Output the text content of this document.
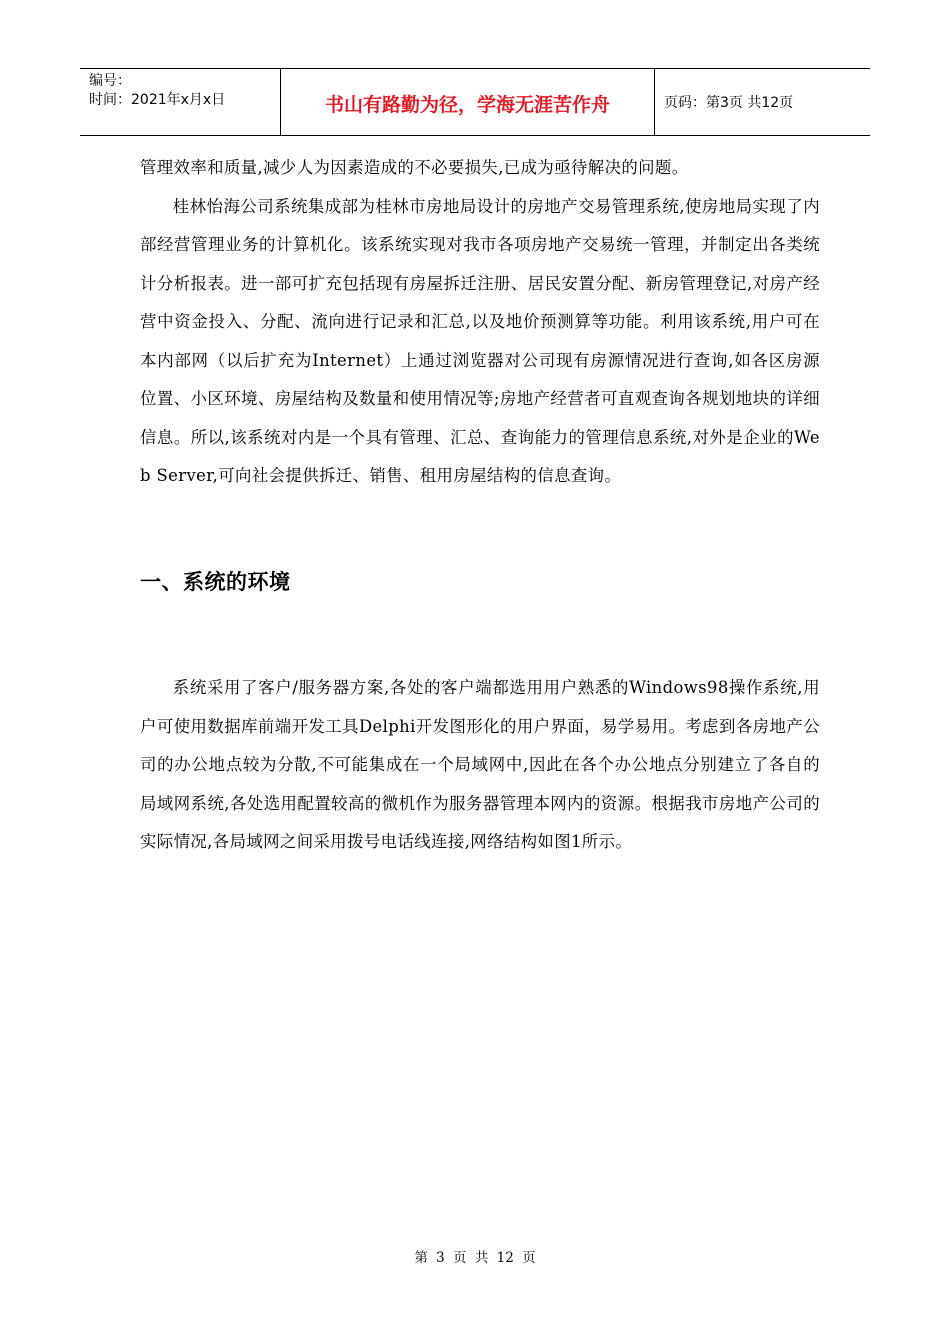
编号：
时间：2021年x月x日	书山有路勤为径，学海无涯苦作舟	页码：第3页 共12页

管理效率和质量,减少人为因素造成的不必要损失,已成为亟待解决的问题。

桂林怡海公司系统集成部为桂林市房地局设计的房地产交易管理系统,使房地局实现了内部经营管理业务的计算机化。该系统实现对我市各项房地产交易统一管理，并制定出各类统计分析报表。进一部可扩充包括现有房屋拆迁注册、居民安置分配、新房管理登记,对房产经营中资金投入、分配、流向进行记录和汇总,以及地价预测算等功能。利用该系统,用户可在本内部网（以后扩充为Internet）上通过浏览器对公司现有房源情况进行查询,如各区房源位置、小区环境、房屋结构及数量和使用情况等;房地产经营者可直观查询各规划地块的详细信息。所以,该系统对内是一个具有管理、汇总、查询能力的管理信息系统,对外是企业的Web Server,可向社会提供拆迁、销售、租用房屋结构的信息查询。

一、系统的环境

系统采用了客户/服务器方案,各处的客户端都选用用户熟悉的Windows98操作系统,用户可使用数据库前端开发工具Delphi开发图形化的用户界面，易学易用。考虑到各房地产公司的办公地点较为分散,不可能集成在一个局域网中,因此在各个办公地点分别建立了各自的局域网系统,各处选用配置较高的微机作为服务器管理本网内的资源。根据我市房地产公司的实际情况,各局域网之间采用拨号电话线连接,网络结构如图1所示。

第 3 页 共 12 页
